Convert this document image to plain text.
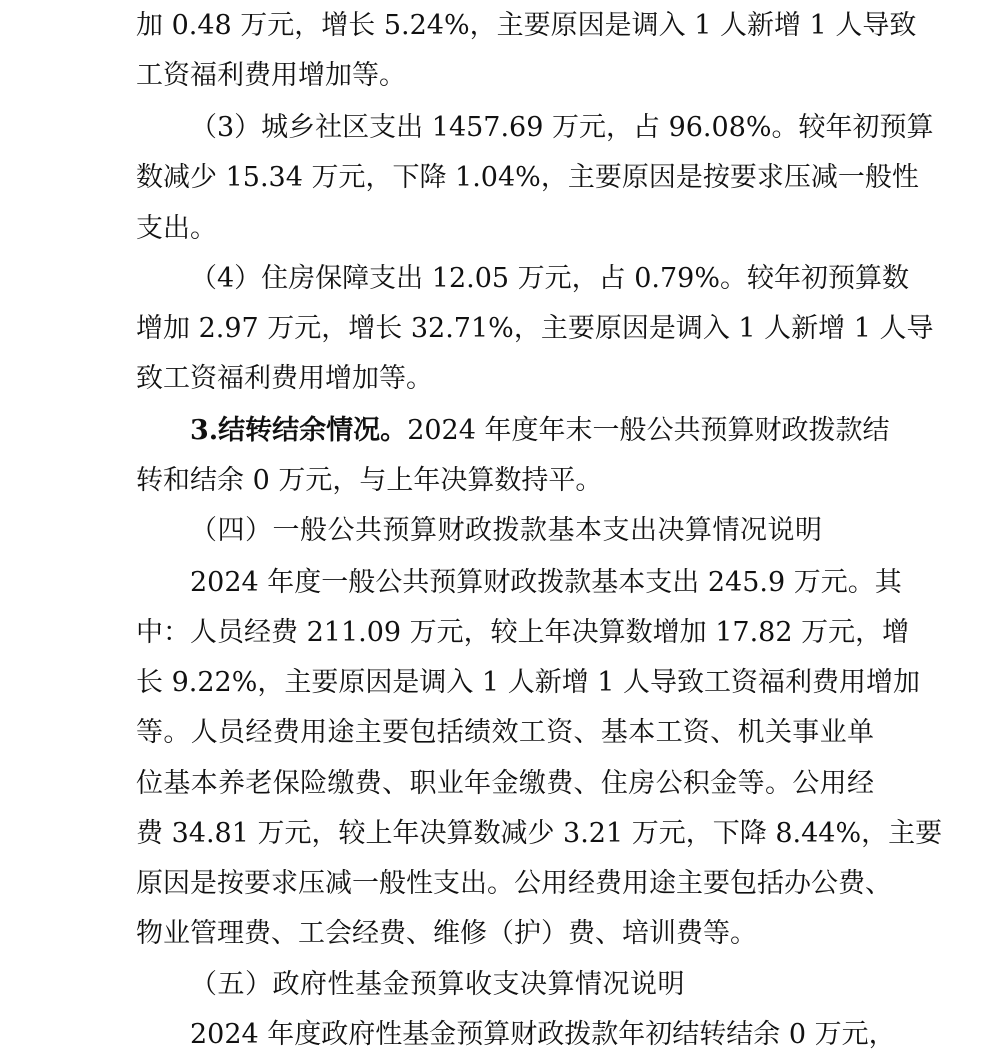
加 0.48 万元，增长 5.24%，主要原因是调入 1 人新增 1 人导致

工资福利费用增加等。

（3）城乡社区支出 1457.69 万元，占 96.08%。较年初预算

数减少 15.34 万元，下降 1.04%，主要原因是按要求压减一般性

支出。

（4）住房保障支出 12.05 万元，占 0.79%。较年初预算数

增加 2.97 万元，增长 32.71%，主要原因是调入 1 人新增 1 人导

致工资福利费用增加等。

3.结转结余情况。2024 年度年末一般公共预算财政拨款结

转和结余 0 万元，与上年决算数持平。

（四）一般公共预算财政拨款基本支出决算情况说明

2024 年度一般公共预算财政拨款基本支出 245.9 万元。其

中：人员经费 211.09 万元，较上年决算数增加 17.82 万元，增

长 9.22%，主要原因是调入 1 人新增 1 人导致工资福利费用增加

等。人员经费用途主要包括绩效工资、基本工资、机关事业单

位基本养老保险缴费、职业年金缴费、住房公积金等。公用经

费 34.81 万元，较上年决算数减少 3.21 万元，下降 8.44%，主要

原因是按要求压减一般性支出。公用经费用途主要包括办公费、

物业管理费、工会经费、维修（护）费、培训费等。

（五）政府性基金预算收支决算情况说明

2024 年度政府性基金预算财政拨款年初结转结余 0 万元，
